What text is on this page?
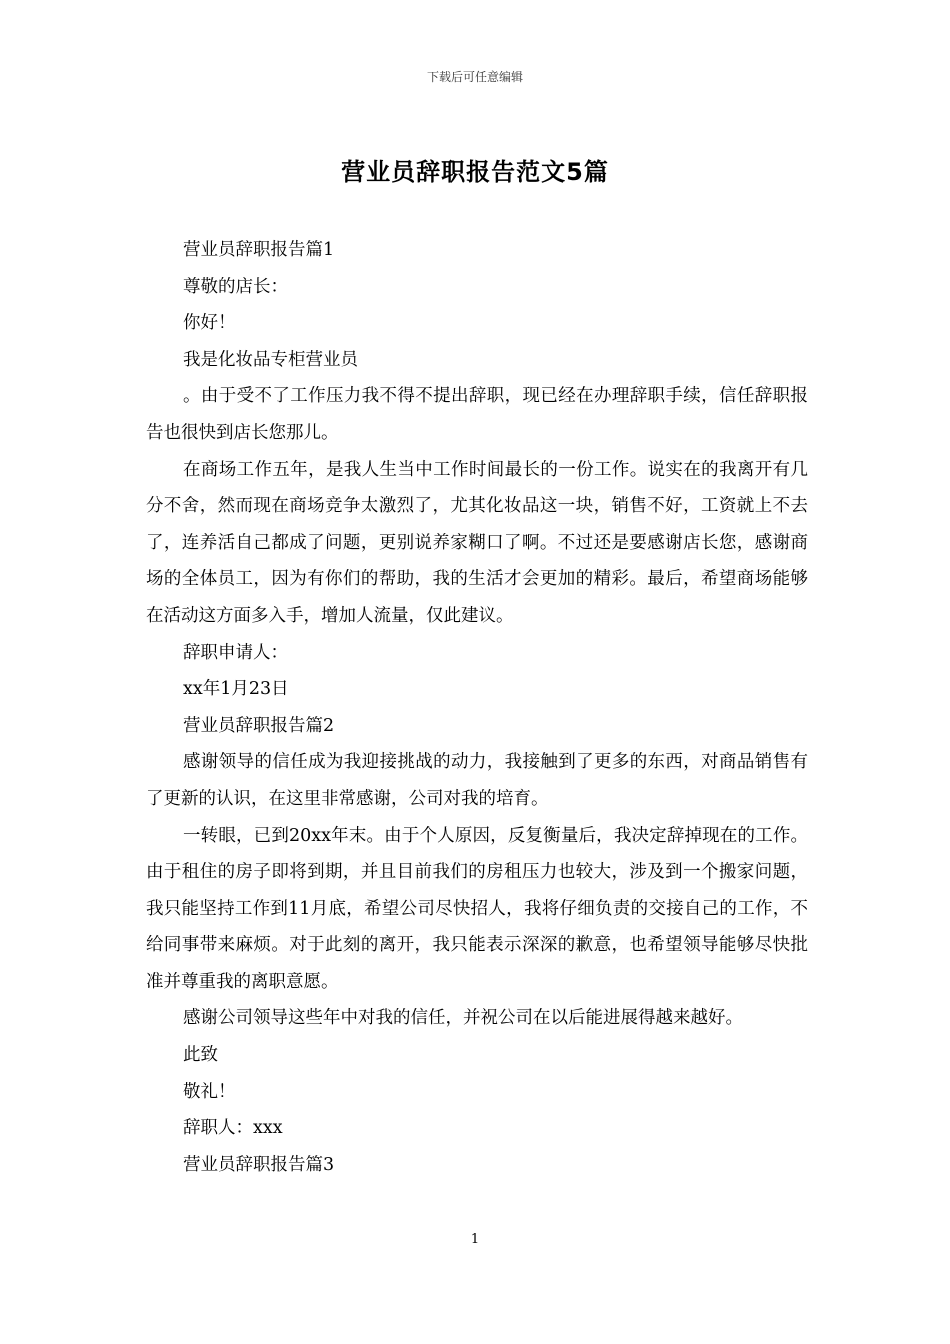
下载后可任意编辑
营业员辞职报告范文5篇

营业员辞职报告篇1

尊敬的店长：

你好！

我是化妆品专柜营业员

。由于受不了工作压力我不得不提出辞职，现已经在办理辞职手续，信任辞职报告也很快到店长您那儿。

在商场工作五年，是我人生当中工作时间最长的一份工作。说实在的我离开有几分不舍，然而现在商场竞争太激烈了，尤其化妆品这一块，销售不好，工资就上不去了，连养活自己都成了问题，更别说养家糊口了啊。不过还是要感谢店长您，感谢商场的全体员工，因为有你们的帮助，我的生活才会更加的精彩。最后，希望商场能够在活动这方面多入手，增加人流量，仅此建议。

辞职申请人：

xx年1月23日

营业员辞职报告篇2

感谢领导的信任成为我迎接挑战的动力，我接触到了更多的东西，对商品销售有了更新的认识，在这里非常感谢，公司对我的培育。

一转眼，已到20xx年末。由于个人原因，反复衡量后，我决定辞掉现在的工作。由于租住的房子即将到期，并且目前我们的房租压力也较大，涉及到一个搬家问题，我只能坚持工作到11月底，希望公司尽快招人，我将仔细负责的交接自己的工作，不给同事带来麻烦。对于此刻的离开，我只能表示深深的歉意，也希望领导能够尽快批准并尊重我的离职意愿。

感谢公司领导这些年中对我的信任，并祝公司在以后能进展得越来越好。

此致

敬礼！

辞职人：xxx

营业员辞职报告篇3

1
